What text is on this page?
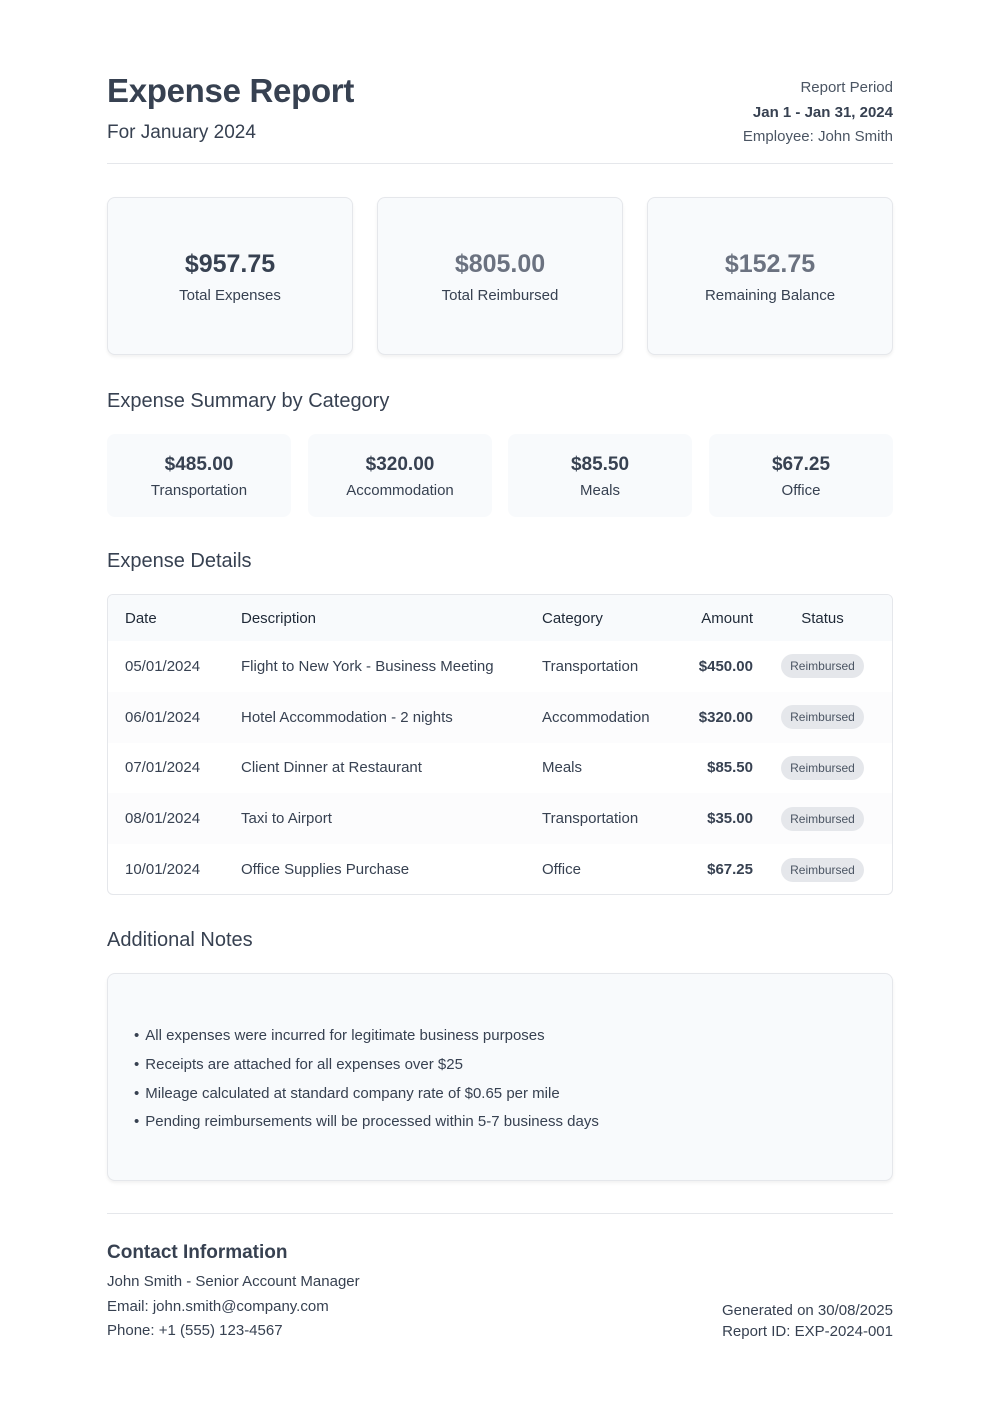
Expense Report
For January 2024
Report Period
Jan 1 - Jan 31, 2024
Employee: John Smith
$957.75
Total Expenses
$805.00
Total Reimbursed
$152.75
Remaining Balance
Expense Summary by Category
$485.00
Transportation
$320.00
Accommodation
$85.50
Meals
$67.25
Office
Expense Details
Date	Description	Category	Amount	Status
05/01/2024	Flight to New York - Business Meeting	Transportation	$450.00	Reimbursed
06/01/2024	Hotel Accommodation - 2 nights	Accommodation	$320.00	Reimbursed
07/01/2024	Client Dinner at Restaurant	Meals	$85.50	Reimbursed
08/01/2024	Taxi to Airport	Transportation	$35.00	Reimbursed
10/01/2024	Office Supplies Purchase	Office	$67.25	Reimbursed
Additional Notes
• All expenses were incurred for legitimate business purposes
• Receipts are attached for all expenses over $25
• Mileage calculated at standard company rate of $0.65 per mile
• Pending reimbursements will be processed within 5-7 business days
Contact Information
John Smith - Senior Account Manager
Email: john.smith@company.com
Phone: +1 (555) 123-4567
Generated on 30/08/2025
Report ID: EXP-2024-001
